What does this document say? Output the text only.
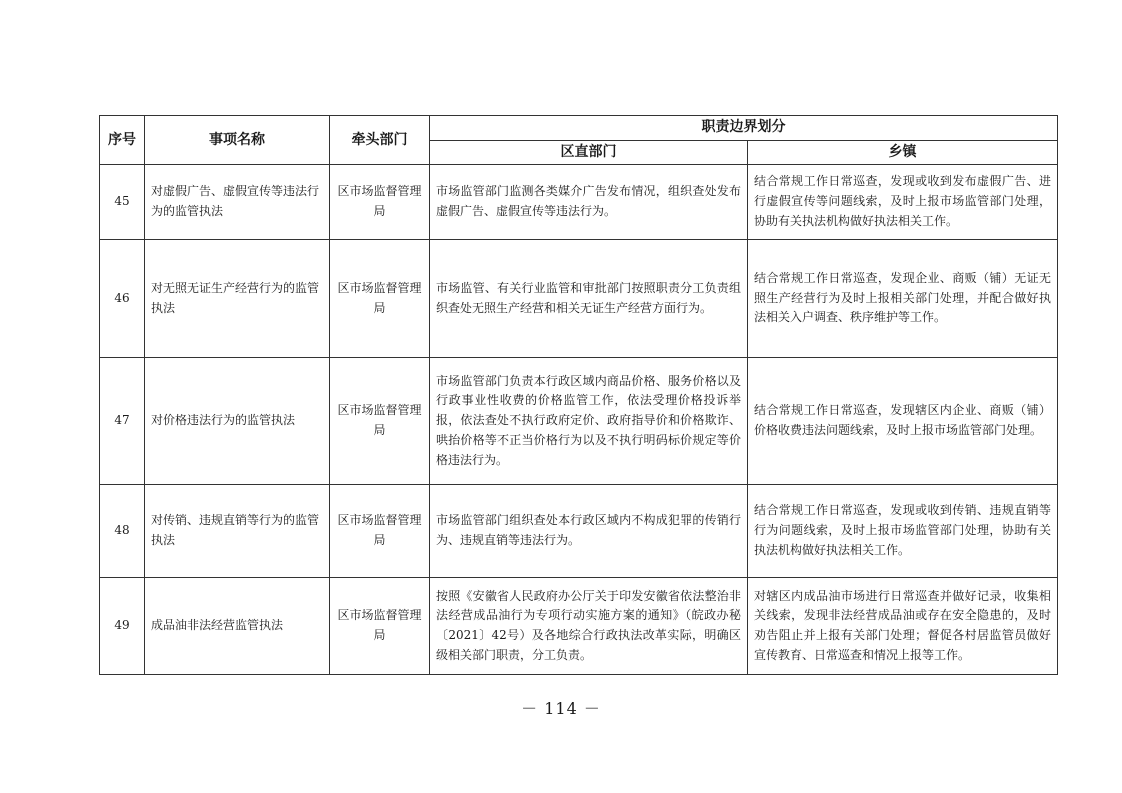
序号	事项名称	牵头部门	职责边界划分	
			区直部门	乡镇
45	对虚假广告、虚假宣传等违法行为的监管执法	区市场监督管理局	市场监管部门监测各类媒介广告发布情况，组织查处发布虚假广告、虚假宣传等违法行为。	结合常规工作日常巡查，发现或收到发布虚假广告、进行虚假宣传等问题线索，及时上报市场监管部门处理，协助有关执法机构做好执法相关工作。
46	对无照无证生产经营行为的监管执法	区市场监督管理局	市场监管、有关行业监管和审批部门按照职责分工负责组织查处无照生产经营和相关无证生产经营方面行为。	结合常规工作日常巡查，发现企业、商贩（铺）无证无照生产经营行为及时上报相关部门处理，并配合做好执法相关入户调查、秩序维护等工作。
47	对价格违法行为的监管执法	区市场监督管理局	市场监管部门负责本行政区域内商品价格、服务价格以及行政事业性收费的价格监管工作，依法受理价格投诉举报，依法查处不执行政府定价、政府指导价和价格欺诈、哄抬价格等不正当价格行为以及不执行明码标价规定等价格违法行为。	结合常规工作日常巡查，发现辖区内企业、商贩（铺）价格收费违法问题线索，及时上报市场监管部门处理。
48	对传销、违规直销等行为的监管执法	区市场监督管理局	市场监管部门组织查处本行政区域内不构成犯罪的传销行为、违规直销等违法行为。	结合常规工作日常巡查，发现或收到传销、违规直销等行为问题线索，及时上报市场监管部门处理，协助有关执法机构做好执法相关工作。
49	成品油非法经营监管执法	区市场监督管理局	按照《安徽省人民政府办公厅关于印发安徽省依法整治非法经营成品油行为专项行动实施方案的通知》（皖政办秘〔2021〕42号）及各地综合行政执法改革实际，明确区级相关部门职责，分工负责。	对辖区内成品油市场进行日常巡查并做好记录，收集相关线索，发现非法经营成品油或存在安全隐患的，及时劝告阻止并上报有关部门处理；督促各村居监管员做好宣传教育、日常巡查和情况上报等工作。
－ 114 －
